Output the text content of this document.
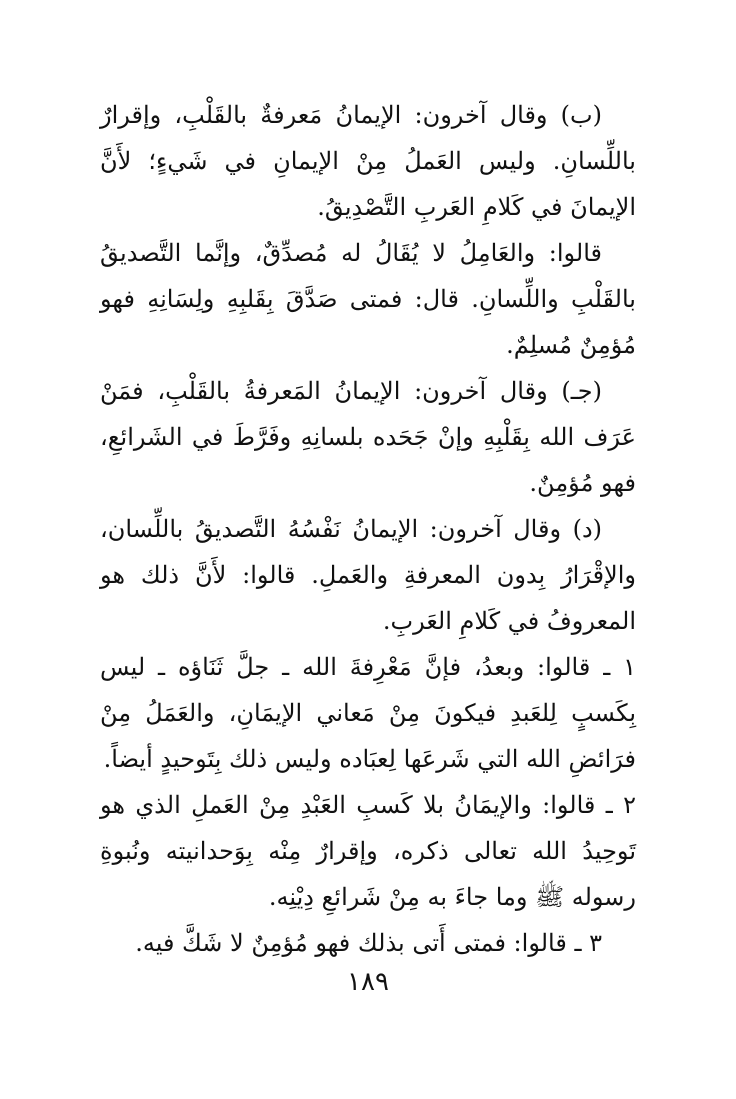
(ب) وقال آخرون: الإيمانُ مَعرفةٌ بالقَلْبِ، وإقرارٌ باللِّسانِ. وليس العَملُ مِنْ الإيمانِ في شَيءٍ؛ لأَنَّ الإيمانَ في كَلامِ العَربِ التَّصْدِيقُ.

قالوا: والعَامِلُ لا يُقَالُ له مُصدِّقٌ، وإنَّما التَّصديقُ بالقَلْبِ واللِّسانِ. قال: فمتى صَدَّقَ بِقَلبِهِ ولِسَانِهِ فهو مُؤمِنٌ مُسلِمٌ.

(جـ) وقال آخرون: الإيمانُ المَعرفةُ بالقَلْبِ، فمَنْ عَرَف الله بِقَلْبِهِ وإنْ جَحَده بلسانِهِ وفَرَّطَ في الشَرائعِ، فهو مُؤمِنٌ.

(د) وقال آخرون: الإيمانُ نَفْسُهُ التَّصديقُ باللِّسان، والإقْرَارُ بِدون المعرفةِ والعَملِ. قالوا: لأَنَّ ذلك هو المعروفُ في كَلامِ العَربِ.

١ ـ قالوا: وبعدُ، فإنَّ مَعْرِفةَ الله ـ جلَّ ثَنَاؤه ـ ليس بِكَسبٍ لِلعَبدِ فيكونَ مِنْ مَعاني الإيمَانِ، والعَمَلُ مِنْ فرَائضِ الله التي شَرعَها لِعبَاده وليس ذلك بِتَوحيدٍ أيضاً.

٢ ـ قالوا: والإيمَانُ بلا كَسبِ العَبْدِ مِنْ العَملِ الذي هو تَوحِيدُ الله تعالى ذكره، وإقرارٌ مِنْه بِوَحدانيته ونُبوةِ رسوله ﷺ وما جاءَ به مِنْ شَرائعِ دِيْنِه.

٣ ـ قالوا: فمتى أَتى بذلك فهو مُؤمِنٌ لا شَكَّ فيه.

١٨٩
